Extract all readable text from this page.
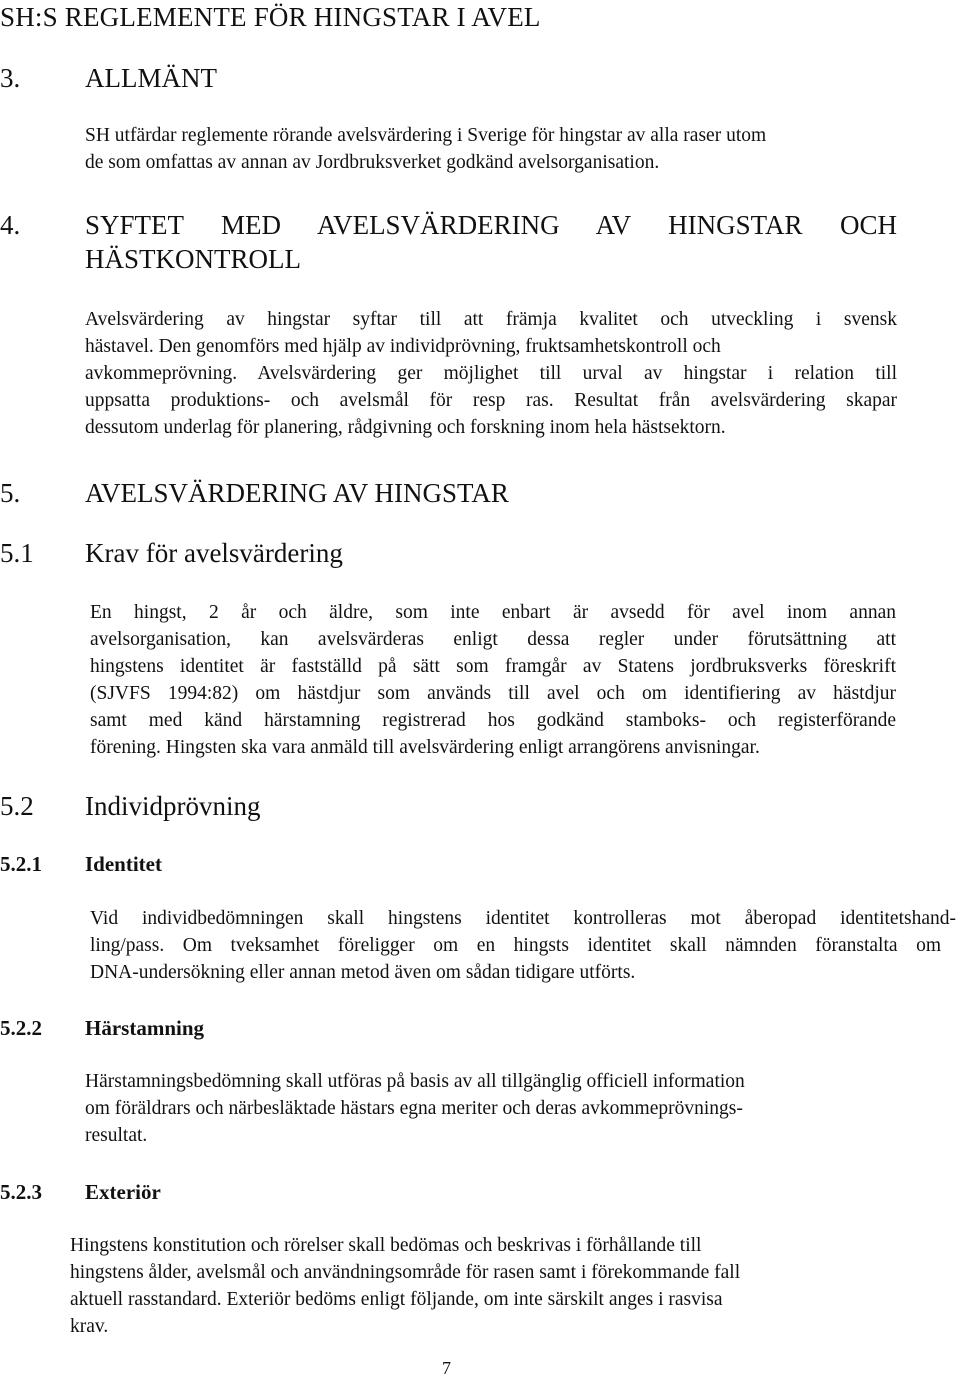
SH:S REGLEMENTE FÖR HINGSTAR I AVEL
3. ALLMÄNT
SH utfärdar reglemente rörande avelsvärdering i Sverige för hingstar av alla raser utom
de som omfattas av annan av Jordbruksverket godkänd avelsorganisation.
4. SYFTET MED AVELSVÄRDERING AV HINGSTAR OCH
HÄSTKONTROLL
Avelsvärdering av hingstar syftar till att främja kvalitet och utveckling i svensk
hästavel. Den genomförs med hjälp av individprövning, fruktsamhetskontroll och
avkommeprövning. Avelsvärdering ger möjlighet till urval av hingstar i relation till
uppsatta produktions- och avelsmål för resp ras. Resultat från avelsvärdering skapar
dessutom underlag för planering, rådgivning och forskning inom hela hästsektorn.
5. AVELSVÄRDERING AV HINGSTAR
5.1 Krav för avelsvärdering
En hingst, 2 år och äldre, som inte enbart är avsedd för avel inom annan
avelsorganisation, kan avelsvärderas enligt dessa regler under förutsättning att
hingstens identitet är fastställd på sätt som framgår av Statens jordbruksverks föreskrift
(SJVFS 1994:82) om hästdjur som används till avel och om identifiering av hästdjur
samt med känd härstamning registrerad hos godkänd stamboks- och registerförande
förening. Hingsten ska vara anmäld till avelsvärdering enligt arrangörens anvisningar.
5.2 Individprövning
5.2.1 Identitet
Vid individbedömningen skall hingstens identitet kontrolleras mot åberopad identitetshand-
ling/pass. Om tveksamhet föreligger om en hingsts identitet skall nämnden föranstalta om
DNA-undersökning eller annan metod även om sådan tidigare utförts.
5.2.2 Härstamning
Härstamningsbedömning skall utföras på basis av all tillgänglig officiell information
om föräldrars och närbesläktade hästars egna meriter och deras avkommeprövnings-
resultat.
5.2.3 Exteriör
Hingstens konstitution och rörelser skall bedömas och beskrivas i förhållande till
hingstens ålder, avelsmål och användningsområde för rasen samt i förekommande fall
aktuell rasstandard. Exteriör bedöms enligt följande, om inte särskilt anges i rasvisa
krav.
7
